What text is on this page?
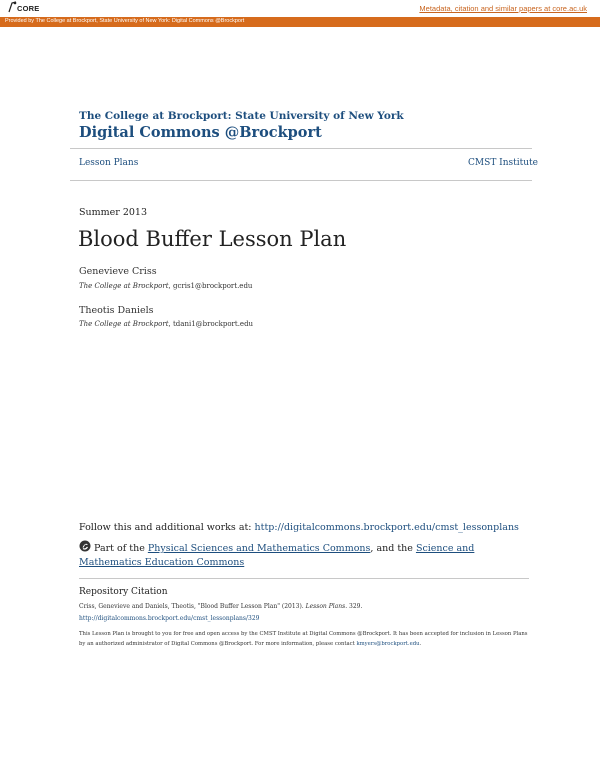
CORE	Metadata, citation and similar papers at core.ac.uk
Provided by The College at Brockport, State University of New York: Digital Commons @Brockport
The College at Brockport: State University of New York
Digital Commons @Brockport
Lesson Plans	CMST Institute
Summer 2013
Blood Buffer Lesson Plan
Genevieve Criss
The College at Brockport, gcris1@brockport.edu
Theotis Daniels
The College at Brockport, tdani1@brockport.edu
Follow this and additional works at: http://digitalcommons.brockport.edu/cmst_lessonplans
Part of the Physical Sciences and Mathematics Commons, and the Science and Mathematics Education Commons
Repository Citation
Criss, Genevieve and Daniels, Theotis, "Blood Buffer Lesson Plan" (2013). Lesson Plans. 329.
http://digitalcommons.brockport.edu/cmst_lessonplans/329
This Lesson Plan is brought to you for free and open access by the CMST Institute at Digital Commons @Brockport. It has been accepted for inclusion in Lesson Plans by an authorized administrator of Digital Commons @Brockport. For more information, please contact kmyers@brockport.edu.
